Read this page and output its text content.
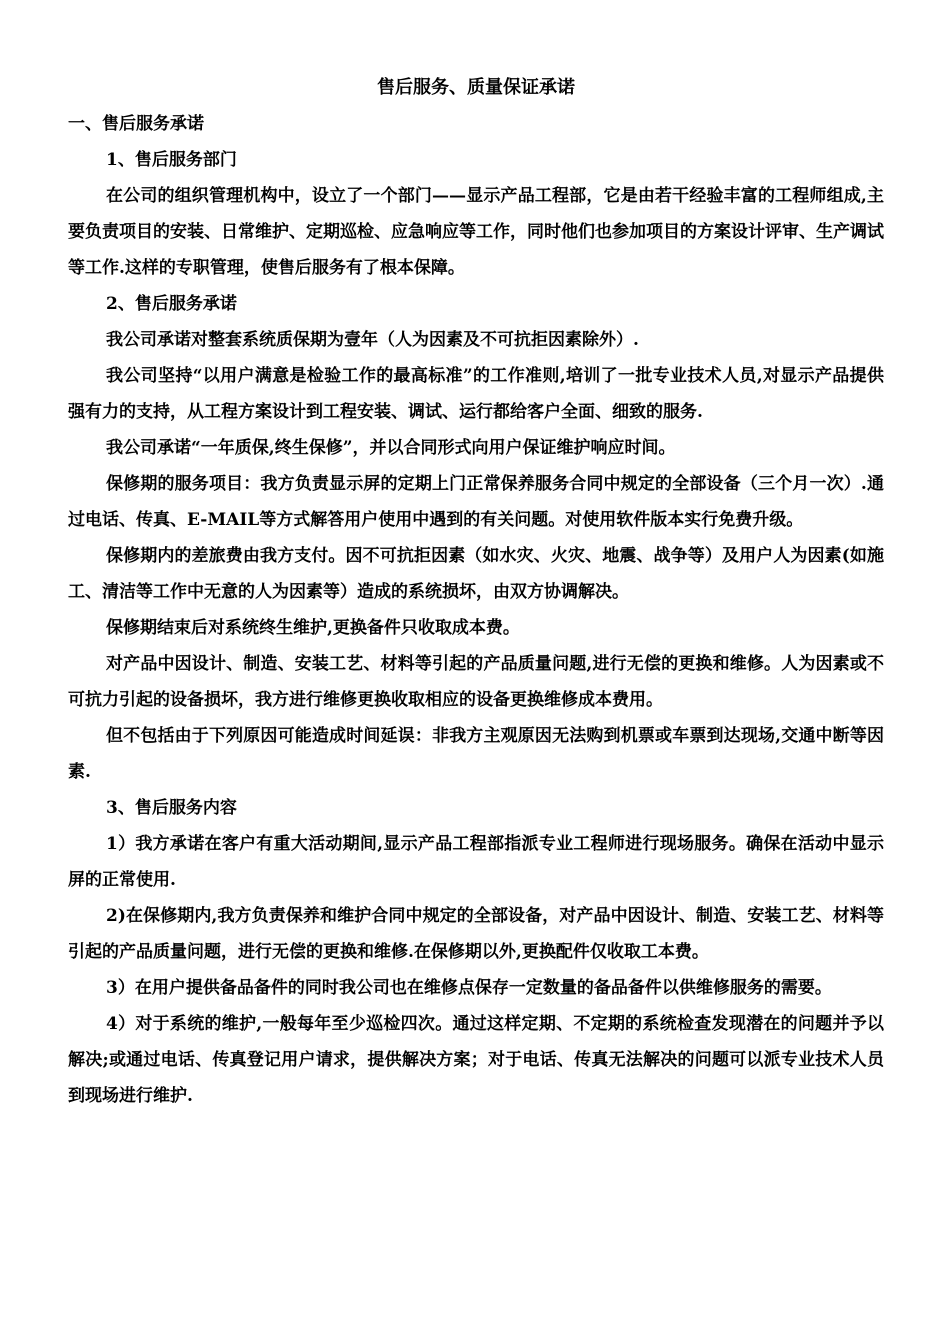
售后服务、质量保证承诺

一、售后服务承诺

1、售后服务部门

在公司的组织管理机构中，设立了一个部门——显示产品工程部，它是由若干经验丰富的工程师组成,主要负责项目的安装、日常维护、定期巡检、应急响应等工作，同时他们也参加项目的方案设计评审、生产调试等工作.这样的专职管理，使售后服务有了根本保障。

2、售后服务承诺

我公司承诺对整套系统质保期为壹年（人为因素及不可抗拒因素除外）.

我公司坚持“以用户满意是检验工作的最高标准”的工作准则,培训了一批专业技术人员,对显示产品提供强有力的支持，从工程方案设计到工程安装、调试、运行都给客户全面、细致的服务.

我公司承诺“一年质保,终生保修”，并以合同形式向用户保证维护响应时间。

保修期的服务项目：我方负责显示屏的定期上门正常保养服务合同中规定的全部设备（三个月一次）.通过电话、传真、E-MAIL等方式解答用户使用中遇到的有关问题。对使用软件版本实行免费升级。

保修期内的差旅费由我方支付。因不可抗拒因素（如水灾、火灾、地震、战争等）及用户人为因素(如施工、清洁等工作中无意的人为因素等）造成的系统损坏，由双方协调解决。

保修期结束后对系统终生维护,更换备件只收取成本费。

对产品中因设计、制造、安装工艺、材料等引起的产品质量问题,进行无偿的更换和维修。人为因素或不可抗力引起的设备损坏，我方进行维修更换收取相应的设备更换维修成本费用。

但不包括由于下列原因可能造成时间延误：非我方主观原因无法购到机票或车票到达现场,交通中断等因素.

3、售后服务内容

1）我方承诺在客户有重大活动期间,显示产品工程部指派专业工程师进行现场服务。确保在活动中显示屏的正常使用.

2)在保修期内,我方负责保养和维护合同中规定的全部设备，对产品中因设计、制造、安装工艺、材料等引起的产品质量问题，进行无偿的更换和维修.在保修期以外,更换配件仅收取工本费。

3）在用户提供备品备件的同时我公司也在维修点保存一定数量的备品备件以供维修服务的需要。

4）对于系统的维护,一般每年至少巡检四次。通过这样定期、不定期的系统检查发现潜在的问题并予以解决;或通过电话、传真登记用户请求，提供解决方案；对于电话、传真无法解决的问题可以派专业技术人员到现场进行维护.
